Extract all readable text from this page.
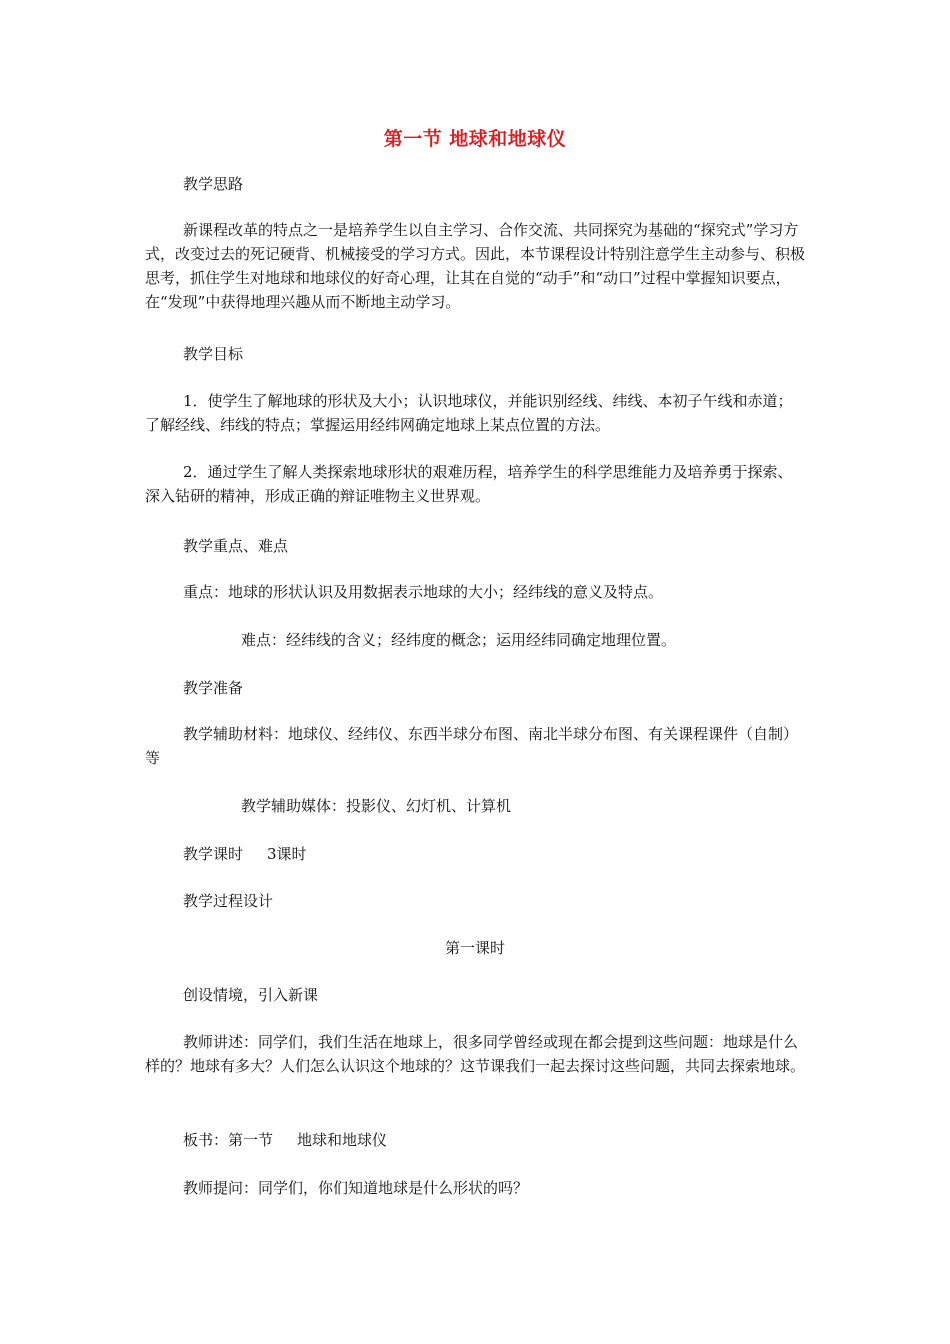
第一节 地球和地球仪
教学思路

新课程改革的特点之一是培养学生以自主学习、合作交流、共同探究为基础的“探究式”学习方式，改变过去的死记硬背、机械接受的学习方式。因此，本节课程设计特别注意学生主动参与、积极思考，抓住学生对地球和地球仪的好奇心理，让其在自觉的“动手”和“动口”过程中掌握知识要点，在“发现”中获得地理兴趣从而不断地主动学习。

教学目标

1．使学生了解地球的形状及大小；认识地球仪，并能识别经线、纬线、本初子午线和赤道；了解经线、纬线的特点；掌握运用经纬网确定地球上某点位置的方法。

2．通过学生了解人类探索地球形状的艰难历程，培养学生的科学思维能力及培养勇于探索、深入钻研的精神，形成正确的辩证唯物主义世界观。

教学重点、难点
重点：地球的形状认识及用数据表示地球的大小；经纬线的意义及特点。
难点：经纬线的含义；经纬度的概念；运用经纬同确定地理位置。
教学准备

教学辅助材料：地球仪、经纬仪、东西半球分布图、南北半球分布图、有关课程课件（自制）等

教学辅助媒体：投影仪、幻灯机、计算机
教学课时 3课时
教学过程设计
第一课时
创设情境，引入新课

教师讲述：同学们，我们生活在地球上，很多同学曾经或现在都会提到这些问题：地球是什么样的？地球有多大？人们怎么认识这个地球的？这节课我们一起去探讨这些问题，共同去探索地球。

板书：第一节 地球和地球仪
教师提问：同学们，你们知道地球是什么形状的吗？
